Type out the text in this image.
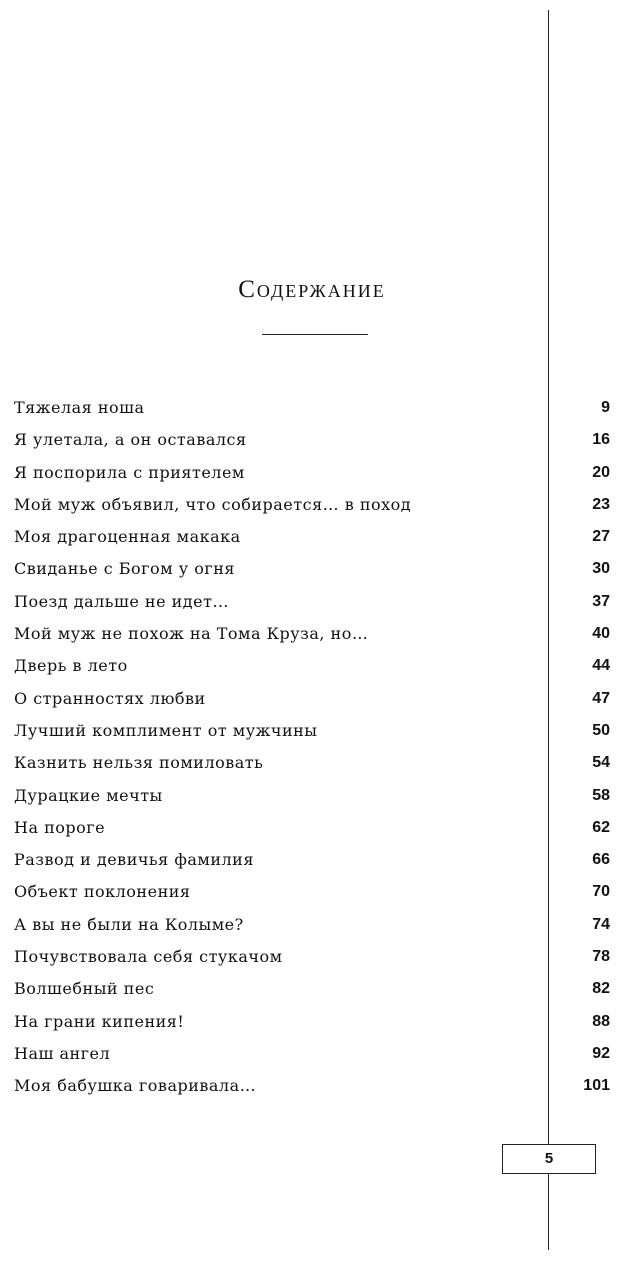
Содержание
Тяжелая ноша	9
Я улетала, а он оставался	16
Я поспорила с приятелем	20
Мой муж объявил, что собирается… в поход	23
Моя драгоценная макака	27
Свиданье с Богом у огня	30
Поезд дальше не идет…	37
Мой муж не похож на Тома Круза, но…	40
Дверь в лето	44
О странностях любви	47
Лучший комплимент от мужчины	50
Казнить нельзя помиловать	54
Дурацкие мечты	58
На пороге	62
Развод и девичья фамилия	66
Объект поклонения	70
А вы не были на Колыме?	74
Почувствовала себя стукачом	78
Волшебный пес	82
На грани кипения!	88
Наш ангел	92
Моя бабушка говаривала…	101
5
